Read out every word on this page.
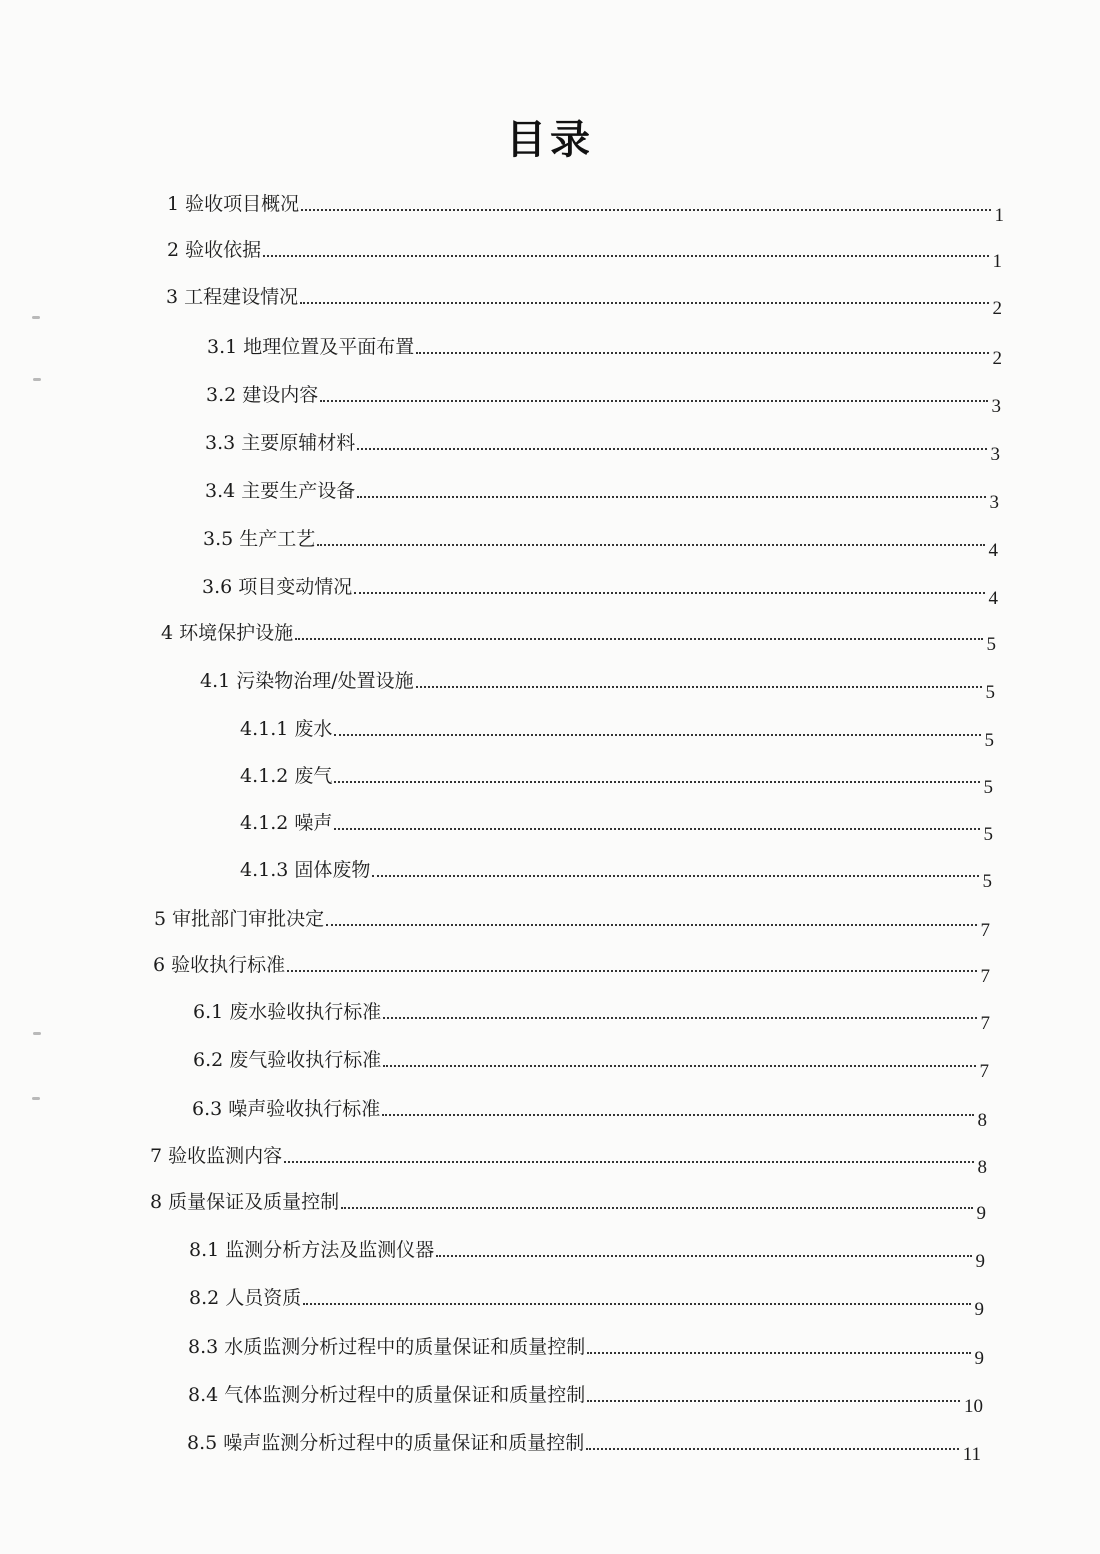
目录
1 验收项目概况
1
2 验收依据
1
3 工程建设情况
2
3.1 地理位置及平面布置
2
3.2 建设内容
3
3.3 主要原辅材料
3
3.4 主要生产设备
3
3.5 生产工艺
4
3.6 项目变动情况
4
4 环境保护设施
5
4.1 污染物治理/处置设施
5
4.1.1 废水
5
4.1.2 废气
5
4.1.2 噪声
5
4.1.3 固体废物
5
5 审批部门审批决定
7
6 验收执行标准
7
6.1 废水验收执行标准
7
6.2 废气验收执行标准
7
6.3 噪声验收执行标准
8
7 验收监测内容
8
8 质量保证及质量控制
9
8.1 监测分析方法及监测仪器
9
8.2 人员资质
9
8.3 水质监测分析过程中的质量保证和质量控制
9
8.4 气体监测分析过程中的质量保证和质量控制
10
8.5 噪声监测分析过程中的质量保证和质量控制
11
